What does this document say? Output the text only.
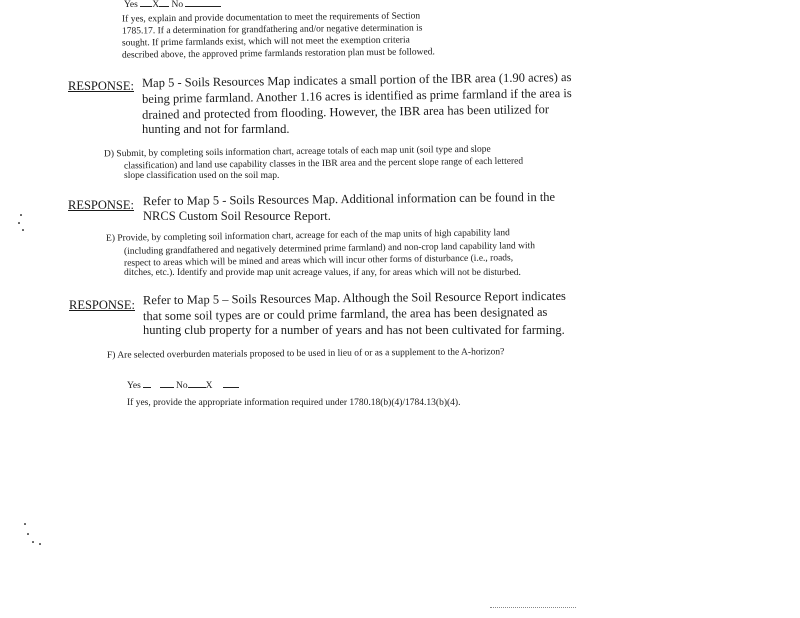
Yes X No
If yes, explain and provide documentation to meet the requirements of Section
1785.17. If a determination for grandfathering and/or negative determination is
sought. If prime farmlands exist, which will not meet the exemption criteria
described above, the approved prime farmlands restoration plan must be followed.
RESPONSE: Map 5 - Soils Resources Map indicates a small portion of the IBR area (1.90 acres) as
being prime farmland. Another 1.16 acres is identified as prime farmland if the area is
drained and protected from flooding. However, the IBR area has been utilized for
hunting and not for farmland.
D) Submit, by completing soils information chart, acreage totals of each map unit (soil type and slope
classification) and land use capability classes in the IBR area and the percent slope range of each lettered
slope classification used on the soil map.
RESPONSE: Refer to Map 5 - Soils Resources Map. Additional information can be found in the
NRCS Custom Soil Resource Report.
E) Provide, by completing soil information chart, acreage for each of the map units of high capability land
(including grandfathered and negatively determined prime farmland) and non-crop land capability land with
respect to areas which will be mined and areas which will incur other forms of disturbance (i.e., roads,
ditches, etc.). Identify and provide map unit acreage values, if any, for areas which will not be disturbed.
RESPONSE: Refer to Map 5 – Soils Resources Map. Although the Soil Resource Report indicates
that some soil types are or could prime farmland, the area has been designated as
hunting club property for a number of years and has not been cultivated for farming.
F) Are selected overburden materials proposed to be used in lieu of or as a supplement to the A-horizon?
Yes	No X
If yes, provide the appropriate information required under 1780.18(b)(4)/1784.13(b)(4).
